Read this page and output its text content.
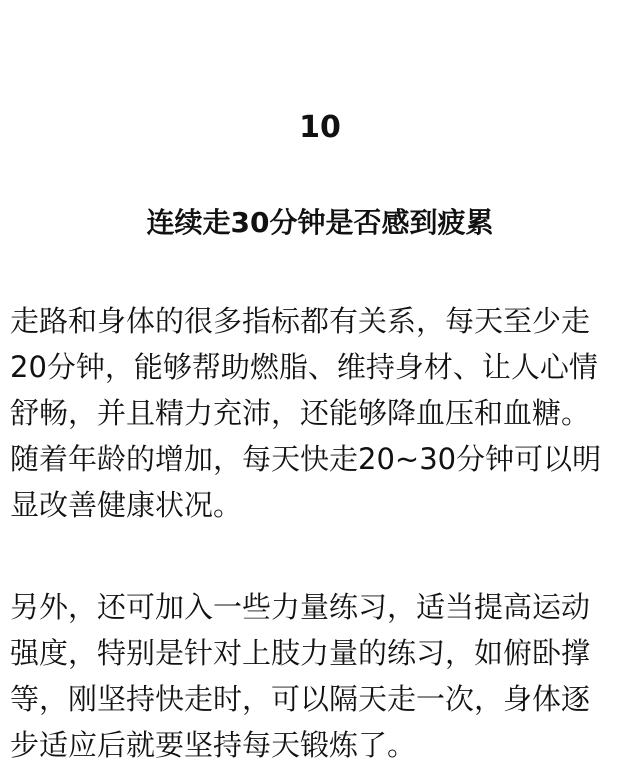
10
连续走30分钟是否感到疲累

走路和身体的很多指标都有关系，每天至少走
20分钟，能够帮助燃脂、维持身材、让人心情
舒畅，并且精力充沛，还能够降血压和血糖。
随着年龄的增加，每天快走20~30分钟可以明
显改善健康状况。

另外，还可加入一些力量练习，适当提高运动
强度，特别是针对上肢力量的练习，如俯卧撑
等，刚坚持快走时，可以隔天走一次，身体逐
步适应后就要坚持每天锻炼了。
